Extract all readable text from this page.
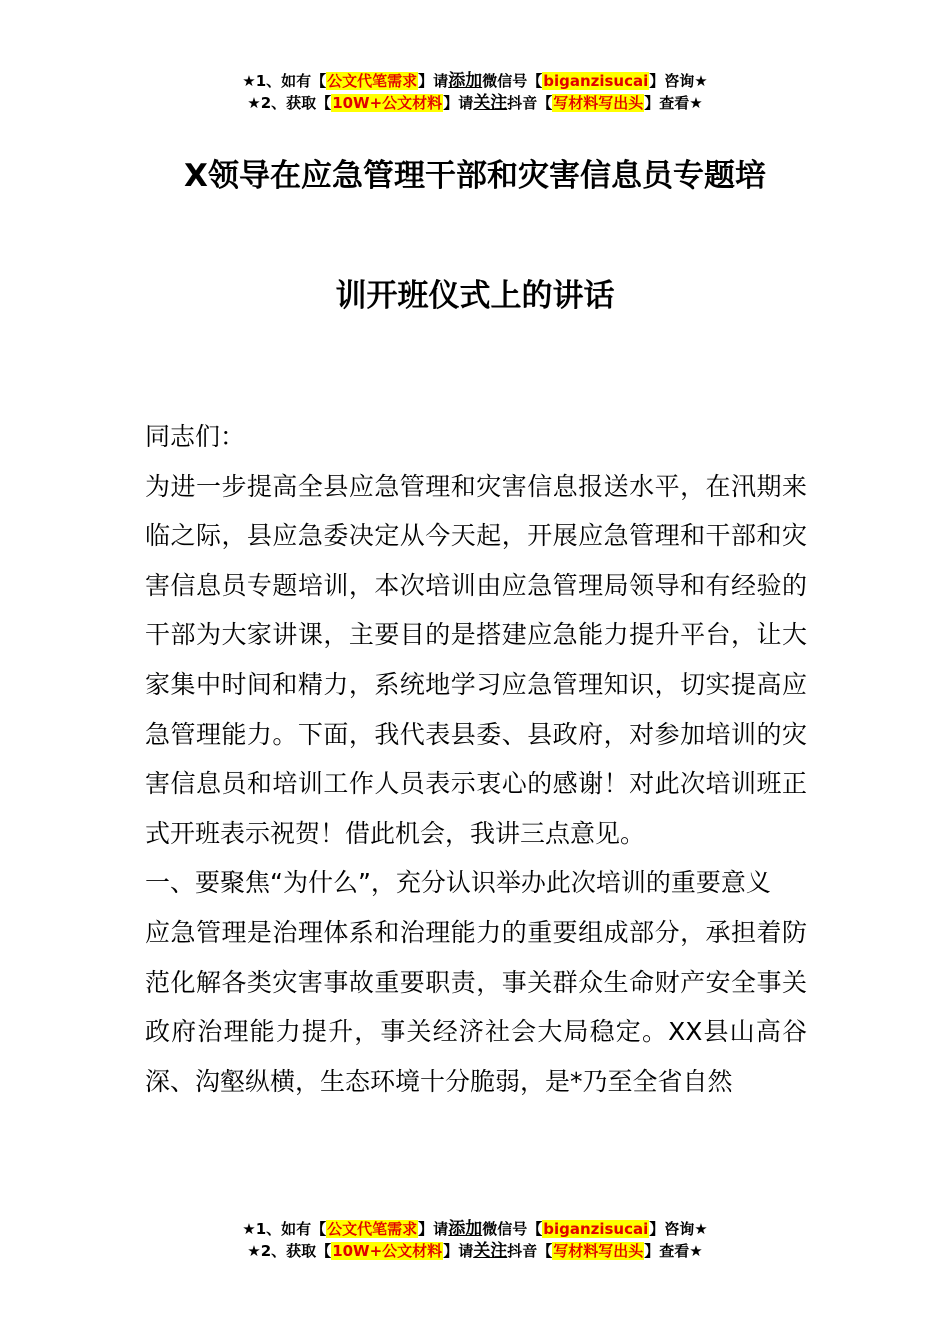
★1、如有【公文代笔需求】请添加微信号【biganzisucai】咨询★
★2、获取【10W+公文材料】请关注抖音【写材料写出头】查看★
X领导在应急管理干部和灾害信息员专题培
训开班仪式上的讲话

同志们：

为进一步提高全县应急管理和灾害信息报送水平，在汛期来临之际，县应急委决定从今天起，开展应急管理和干部和灾害信息员专题培训，本次培训由应急管理局领导和有经验的干部为大家讲课，主要目的是搭建应急能力提升平台，让大家集中时间和精力，系统地学习应急管理知识，切实提高应急管理能力。下面，我代表县委、县政府，对参加培训的灾害信息员和培训工作人员表示衷心的感谢！对此次培训班正式开班表示祝贺！借此机会，我讲三点意见。

一、要聚焦“为什么”，充分认识举办此次培训的重要意义

应急管理是治理体系和治理能力的重要组成部分，承担着防范化解各类灾害事故重要职责，事关群众生命财产安全事关政府治理能力提升，事关经济社会大局稳定。XX县山高谷深、沟壑纵横，生态环境十分脆弱，是*乃至全省自然

★1、如有【公文代笔需求】请添加微信号【biganzisucai】咨询★
★2、获取【10W+公文材料】请关注抖音【写材料写出头】查看★
